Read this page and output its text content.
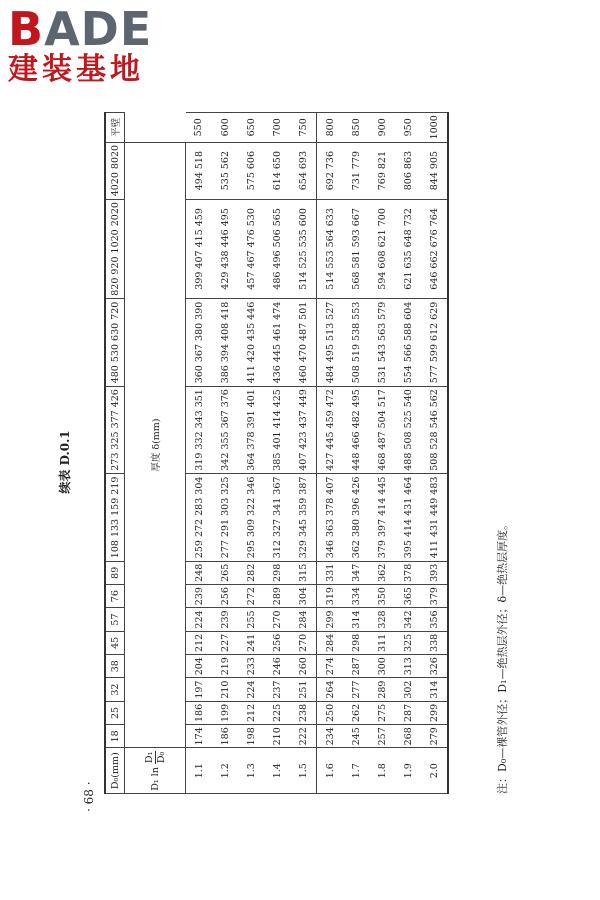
BADE
建装基地
续表 D.0.1
· 68 ·
D₀(mm)	18	25	32	38	45	57	76	89	108 133 159 219	273 325 377 426	480 530 630 720	820 920 1020 2020	4020 8020	平壁
D₁ ln
D₁ D₀	厚度 δ(mm)													
1.1	174	186	197	204	212	224	239	248	259 272 283 304	319 332 343 351	360 367 380 390	399 407 415 459	494 518	550
1.2	186	199	210	219	227	239	256	265	277 291 303 325	342 355 367 376	386 394 408 418	429 438 446 495	535 562	600
1.3	198	212	224	233	241	255	272	282	295 309 322 346	364 378 391 401	411 420 435 446	457 467 476 530	575 606	650
1.4	210	225	237	246	256	270	289	298	312 327 341 367	385 401 414 425	436 445 461 474	486 496 506 565	614 650	700
1.5	222	238	251	260	270	284	304	315	329 345 359 387	407 423 437 449	460 470 487 501	514 525 535 600	654 693	750
1.6	234	250	264	274	284	299	319	331	346 363 378 407	427 445 459 472	484 495 513 527	514 553 564 633	692 736	800
1.7	245	262	277	287	298	314	334	347	362 380 396 426	448 466 482 495	508 519 538 553	568 581 593 667	731 779	850
1.8	257	275	289	300	311	328	350	362	379 397 414 445	468 487 504 517	531 543 563 579	594 608 621 700	769 821	900
1.9	268	287	302	313	325	342	365	378	395 414 431 464	488 508 525 540	554 566 588 604	621 635 648 732	806 863	950
2.0	279	299	314	326	338	356	379	393	411 431 449 483	508 528 546 562	577 599 612 629	646 662 676 764	844 905	1000
注：D₀—裸管外径；D₁—绝热层外径；δ—绝热层厚度。
